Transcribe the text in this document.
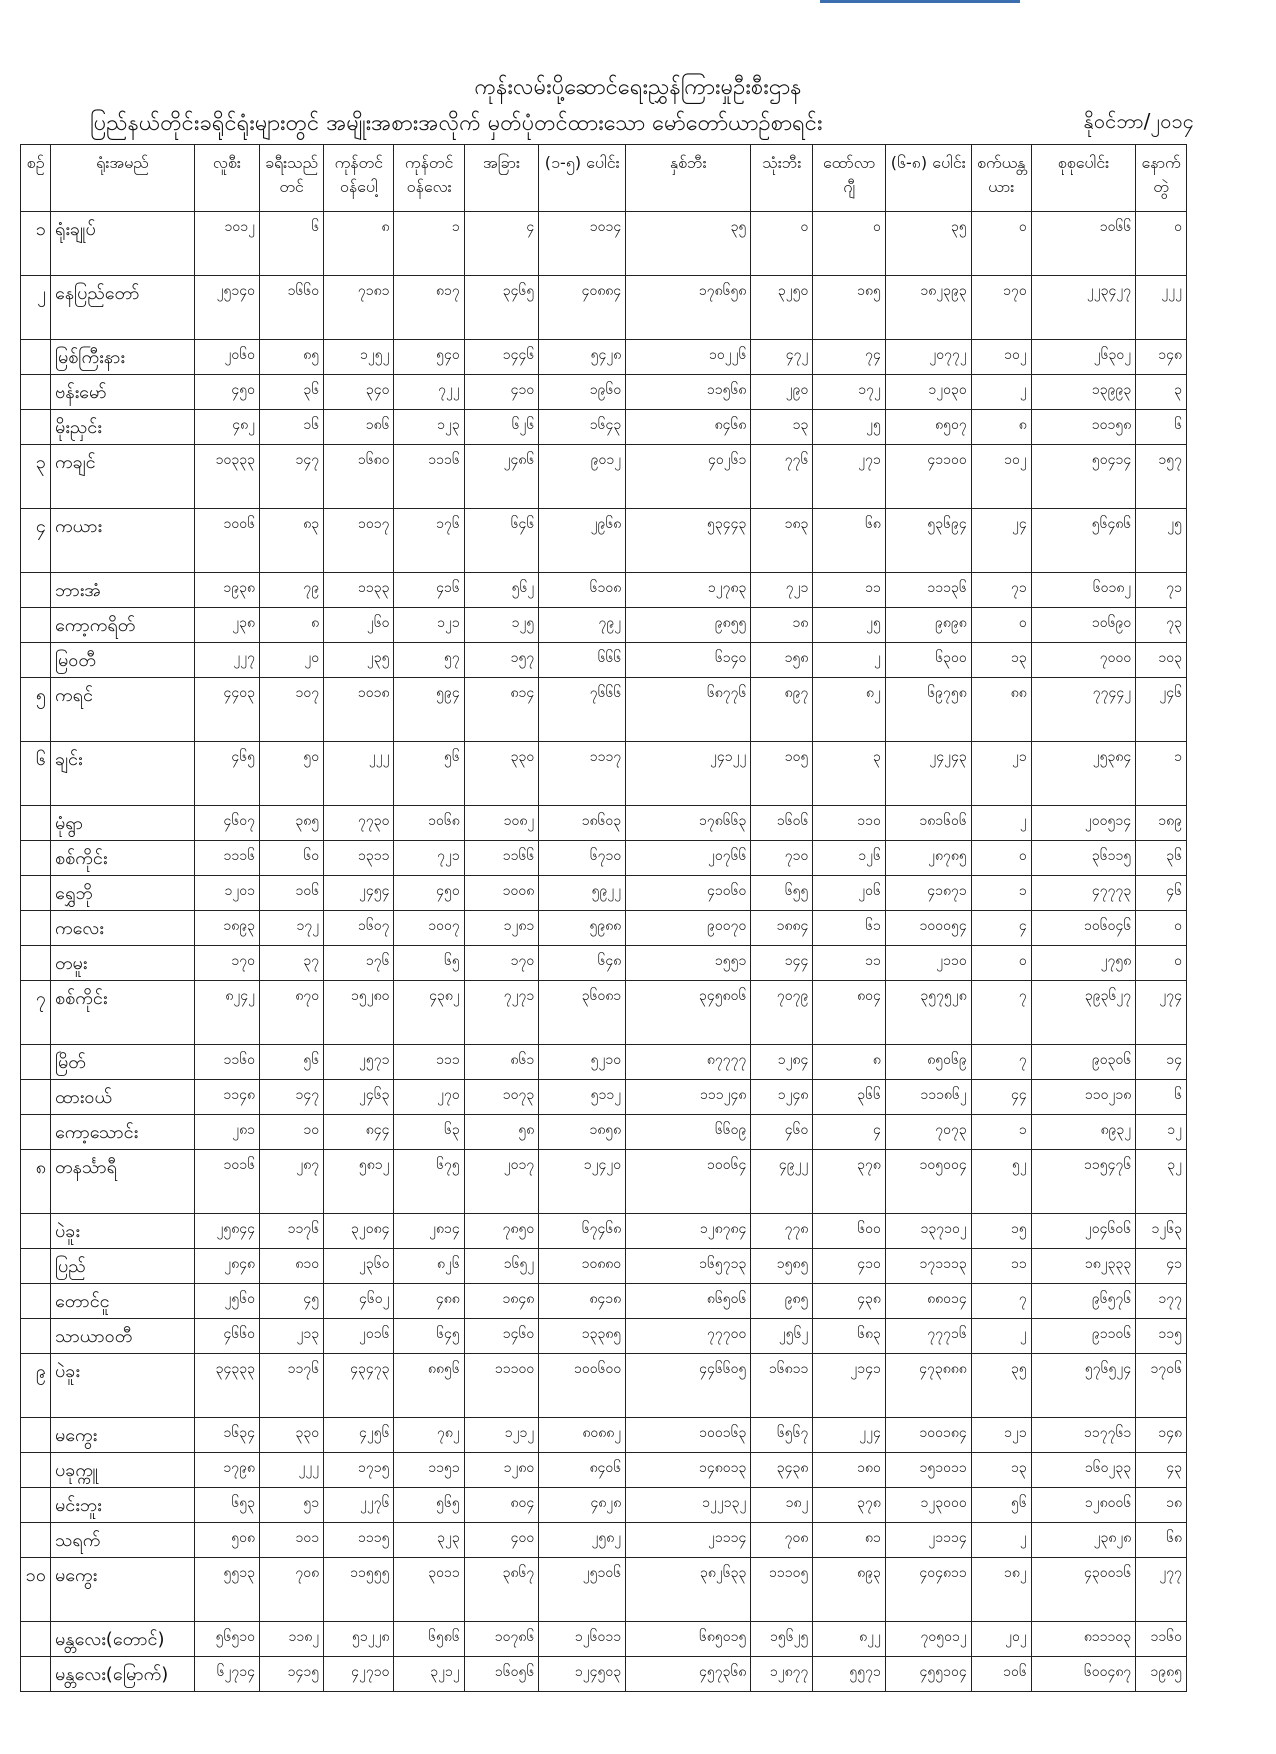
ကုန်းလမ်းပို့ဆောင်ရေးညွှန်ကြားမှုဦးစီးဌာန
ပြည်နယ်တိုင်းခရိုင်ရုံးများတွင် အမျိုးအစားအလိုက် မှတ်ပုံတင်ထားသော မော်တော်ယာဉ်စာရင်း	နိုဝင်ဘာ/၂၀၁၄
စဉ်	ရုံးအမည်	လူစီး	ခရီးသည်တင်	ကုန်တင် ဝန်ပေါ့	ကုန်တင် ဝန်လေး	အခြား	(၁-၅) ပေါင်း	နှစ်ဘီး	သုံးဘီး	ထော်လာဂျီ	(၆-၈) ပေါင်း	စက်ယန္တယား	စုစုပေါင်း	နောက်တွဲ
၁	ရုံးချုပ်	၁၀၁၂	၆	၈	၁	၄	၁၀၁၄	၃၅	၀	၀	၃၅	၀	၁၀၆၆	၀
၂	နေပြည်တော်	၂၅၁၄၀	၁၆၆၀	၇၁၈၁	၈၁၇	၃၄၆၅	၄၀၈၈၄	၁၇၈၆၅၈	၃၂၅၀	၁၈၅	၁၈၂၃၉၃	၁၇၀	၂၂၃၄၂၇	၂၂၂
	မြစ်ကြီးနား	၂၀၆၀	၈၅	၁၂၅၂	၅၄၀	၁၄၄၆	၅၄၂၈	၁၀၂၂၆	၄၇၂	၇၄	၂၀၇၇၂	၁၀၂	၂၆၃၀၂	၁၄၈
	ဗန်းမော်	၄၅၀	၃၆	၃၄၀	၇၂၂	၄၁၀	၁၉၆၀	၁၁၅၆၈	၂၉၀	၁၇၂	၁၂၀၃၀	၂	၁၃၉၉၃	၃
	မိုးညှင်း	၄၈၂	၁၆	၁၈၆	၁၂၃	၆၂၆	၁၆၄၃	၈၄၆၈	၁၃	၂၅	၈၅၀၇	၈	၁၀၁၅၈	၆
၃	ကချင်	၁၀၃၃၃	၁၄၇	၁၆၈၀	၁၁၁၆	၂၄၈၆	၉၀၁၂	၄၀၂၆၁	၇၇၆	၂၇၁	၄၁၁၀၀	၁၀၂	၅၀၄၁၄	၁၅၇
၄	ကယား	၁၀၀၆	၈၃	၁၀၁၇	၁၇၆	၆၄၆	၂၉၆၈	၅၃၄၄၃	၁၈၃	၆၈	၅၃၆၉၄	၂၄	၅၆၄၈၆	၂၅
	ဘားအံ	၁၉၃၈	၇၉	၁၁၃၃	၄၁၆	၅၆၂	၆၁၀၈	၁၂၇၈၃	၇၂၁	၁၁	၁၁၁၃၆	၇၁	၆၀၁၈၂	၇၁
	ကော့ကရိတ်	၂၃၈	၈	၂၆၀	၁၂၁	၁၂၅	၇၉၂	၉၈၅၅	၁၈	၂၅	၉၈၉၈	၀	၁၀၆၉၀	၇၃
	မြဝတီ	၂၂၇	၂၀	၂၃၅	၅၇	၁၅၇	၆၆၆	၆၁၄၀	၁၅၈	၂	၆၃၀၀	၁၃	၇၀၀၀	၁၀၃
၅	ကရင်	၄၄၀၃	၁၀၇	၁၀၁၈	၅၉၄	၈၁၄	၇၆၆၆	၆၈၇၇၆	၈၉၇	၈၂	၆၉၇၅၈	၈၈	၇၇၄၄၂	၂၄၆
၆	ချင်း	၄၆၅	၅၀	၂၂၂	၅၆	၃၃၀	၁၁၁၇	၂၄၁၂၂	၁၀၅	၃	၂၄၂၄၃	၂၁	၂၅၃၈၄	၁
	မုံရွာ	၄၆၀၇	၃၈၅	၇၇၃၀	၁၀၆၈	၁၀၈၂	၁၈၆၀၃	၁၇၈၆၆၃	၁၆၀၆	၁၁၀	၁၈၁၆၀၆	၂	၂၀၀၅၁၄	၁၈၉
	စစ်ကိုင်း	၁၁၁၆	၆၀	၁၃၁၁	၇၂၁	၁၁၆၆	၆၇၁၀	၂၀၇၆၆	၇၁၀	၁၂၆	၂၈၇၈၅	၀	၃၆၁၁၅	၃၆
	ရွှေဘို	၁၂၀၁	၁၀၆	၂၄၅၄	၄၅၀	၁၀၀၈	၅၉၂၂	၄၁၀၆၀	၆၅၅	၂၀၆	၄၁၈၇၁	၁	၄၇၇၇၃	၄၆
	ကလေး	၁၈၉၃	၁၇၂	၁၆၀၇	၁၀၀၇	၁၂၈၁	၅၉၈၈	၉၀၀၇၀	၁၈၈၄	၆၁	၁၀၀၀၅၄	၄	၁၀၆၀၄၆	၀
	တမူး	၁၇၀	၃၇	၁၇၆	၆၅	၁၇၀	၆၄၈	၁၅၅၁	၁၄၄	၁၁	၂၁၁၀	၀	၂၇၅၈	၀
၇	စစ်ကိုင်း	၈၂၄၂	၈၇၀	၁၅၂၈၀	၄၃၈၂	၇၂၇၁	၃၆၀၈၁	၃၄၅၈၀၆	၇၀၇၉	၈၀၄	၃၅၇၅၂၈	၇	၃၉၃၆၂၇	၂၇၄
	မြိတ်	၁၁၆၀	၅၆	၂၅၇၁	၁၁၁	၈၆၁	၅၂၁၀	၈၇၇၇၇	၁၂၈၄	၈	၈၅၀၆၉	၇	၉၀၃၀၆	၁၄
	ထားဝယ်	၁၁၄၈	၁၄၇	၂၄၆၃	၂၇၀	၁၀၇၃	၅၁၁၂	၁၁၁၂၄၈	၁၂၄၈	၃၆၆	၁၁၁၈၆၂	၄၄	၁၁၀၂၁၈	၆
	ကော့သောင်း	၂၈၁	၁၀	၈၄၄	၆၃	၅၈	၁၈၅၈	၆၆၀၉	၄၆၀	၄	၇၀၇၃	၁	၈၉၃၂	၁၂
၈	တနင်္သာရီ	၁၀၁၆	၂၈၇	၅၈၁၂	၆၇၅	၂၀၁၇	၁၂၄၂၀	၁၀၀၆၄	၄၉၂၂	၃၇၈	၁၀၅၀၀၄	၅၂	၁၁၅၄၇၆	၃၂
	ပဲခူး	၂၅၈၄၄	၁၁၇၆	၃၂၀၈၄	၂၈၁၄	၇၈၅၀	၆၇၄၆၈	၁၂၈၇၈၄	၇၇၈	၆၀၀	၁၃၇၁၀၂	၁၅	၂၀၄၆၀၆	၁၂၆၃
	ပြည်	၂၈၄၈	၈၁၀	၂၃၆၀	၈၂၆	၁၆၅၂	၁၀၈၈၀	၁၆၅၇၁၃	၁၅၈၅	၄၁၀	၁၇၁၁၁၃	၁၁	၁၈၂၃၃၃	၄၁
	တောင်ငူ	၂၅၆၀	၄၅	၄၆၀၂	၄၈၈	၁၈၄၈	၈၄၁၈	၈၆၅၀၆	၉၈၅	၄၃၈	၈၈၀၁၄	၇	၉၆၅၇၆	၁၇၇
	သာယာဝတီ	၄၆၆၀	၂၁၃	၂၀၁၆	၆၄၅	၁၄၆၀	၁၃၃၈၅	၇၇၇၀၀	၂၅၆၂	၆၈၃	၇၇၇၁၆	၂	၉၁၁၀၆	၁၁၅
၉	ပဲခူး	၃၄၃၃၃	၁၁၇၆	၄၃၄၇၃	၈၈၅၆	၁၁၁၀၀	၁၀၀၆၀၀	၄၄၆၆၀၅	၁၆၈၁၁	၂၁၄၁	၄၇၃၈၈၈	၃၅	၅၇၆၅၂၄	၁၇၀၆
	မကွေး	၁၆၃၄	၃၃၀	၄၂၅၆	၇၈၂	၁၂၁၂	၈၀၈၈၂	၁၀၀၁၆၃	၆၅၆၇	၂၂၄	၁၀၀၁၈၄	၁၂၁	၁၁၇၇၆၁	၁၄၈
	ပခုက္ကူ	၁၇၉၈	၂၂၂	၁၇၁၅	၁၁၅၁	၁၂၈၀	၈၄၀၆	၁၄၈၀၁၃	၃၄၃၈	၁၈၀	၁၅၁၀၁၁	၁၃	၁၆၀၂၃၃	၄၃
	မင်းဘူး	၆၅၃	၅၁	၂၂၇၆	၅၆၅	၈၀၄	၄၈၂၈	၁၂၂၁၃၂	၁၈၂	၃၇၈	၁၂၃၀၀၀	၅၆	၁၂၈၀၀၆	၁၈
	သရက်	၅၀၈	၁၀၁	၁၁၁၅	၃၂၃	၄၀၀	၂၅၈၂	၂၁၁၁၄	၇၀၈	၈၁	၂၁၁၁၄	၂	၂၃၈၂၈	၆၈
၁၀	မကွေး	၅၅၁၃	၇၀၈	၁၁၅၅၅	၃၀၁၁	၃၈၆၇	၂၅၁၀၆	၃၈၂၆၃၃	၁၁၁၀၅	၈၉၃	၄၀၄၈၁၁	၁၈၂	၄၃၀၀၁၆	၂၇၇
	မန္တလေး(တောင်)	၅၆၅၁၀	၁၁၈၂	၅၁၂၂၈	၆၅၈၆	၁၀၇၈၆	၁၂၆၀၁၁	၆၈၅၀၁၅	၁၅၆၂၅	၈၂၂	၇၀၅၀၁၂	၂၀၂	၈၁၁၁၀၃	၁၁၆၀
	မန္တလေး(မြောက်)	၆၂၇၁၄	၁၄၁၅	၄၂၇၁၀	၃၂၁၂	၁၆၀၅၆	၁၂၄၅၀၃	၄၅၇၃၆၈	၁၂၈၇၇	၅၅၇၁	၄၅၅၁၀၄	၁၀၆	၆၀၀၄၈၇	၁၉၈၅
